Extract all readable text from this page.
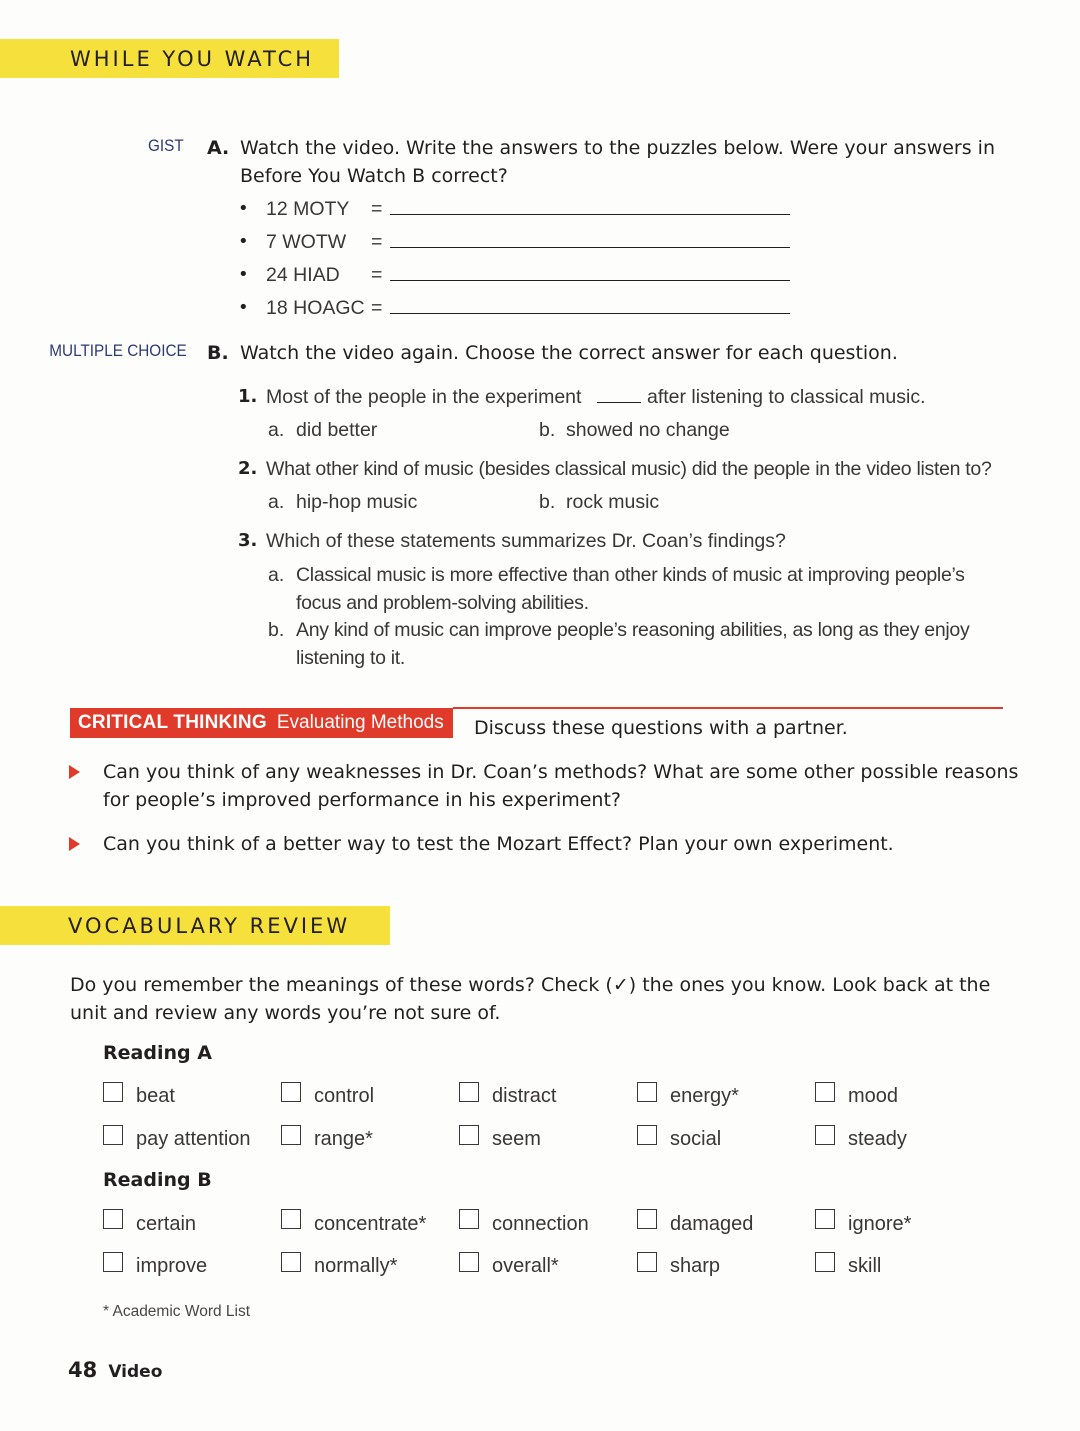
WHILE YOU WATCH
GIST A. Watch the video. Write the answers to the puzzles below. Were your answers in
Before You Watch B correct?
• 12 MOTY =
• 7 WOTW =
• 24 HIAD =
• 18 HOAGC =
MULTIPLE CHOICE B. Watch the video again. Choose the correct answer for each question.
1. Most of the people in the experiment	after listening to classical music.
a. did better	b. showed no change
2. What other kind of music (besides classical music) did the people in the video listen to?
a. hip-hop music	b. rock music
3. Which of these statements summarizes Dr. Coan’s findings?
a. Classical music is more effective than other kinds of music at improving people’s
focus and problem-solving abilities.
b. Any kind of music can improve people’s reasoning abilities, as long as they enjoy
listening to it.
CRITICAL THINKING Evaluating Methods Discuss these questions with a partner.
Can you think of any weaknesses in Dr. Coan’s methods? What are some other possible reasons
for people’s improved performance in his experiment?
Can you think of a better way to test the Mozart Effect? Plan your own experiment.
VOCABULARY REVIEW
Do you remember the meanings of these words? Check (✓) the ones you know. Look back at the
unit and review any words you’re not sure of.
Reading A
beat	control	distract	energy*	mood
pay attention	range*	seem	social	steady
Reading B
certain	concentrate*	connection	damaged	ignore*
improve	normally*	overall*	sharp	skill
* Academic Word List
48 Video
